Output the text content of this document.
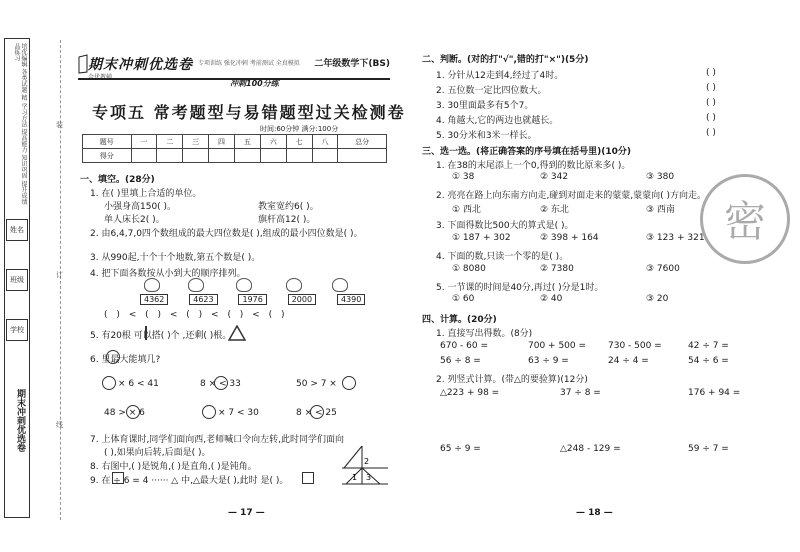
培优编辑 各类试题 精品练习
学习方法 提高能力 知识巩固 提升成绩
姓名
班级
学校
期末冲刺优选卷
装
订
线
期末冲刺优选卷
金优教辅
专项训练 强化冲刺 考前测试 全真模拟 二年级数学下(BS)
冲刺100分练
专项五 常考题型与易错题型过关检测卷
时间:60分钟 满分:100分
题号	一	二	三	四	五	六	七	八	总分
得分									
一、填空。(28分)
1. 在( )里填上合适的单位。
小强身高150( )。	教室宽约6( )。
单人床长2( )。	旗杆高12( )。
2. 由6,4,7,0四个数组成的最大四位数是( ),组成的最小四位数是( )。
3. 从990起,十个十个地数,第五个数是( )。
4. 把下面各数按从小到大的顺序排列。
4362	4623	1976	2000	4390
( ) < ( ) < ( ) < ( ) < ( )
5. 有20根 可以搭( )个 ,还剩( )根。
6. 里最大能填几?
× 6 < 41	8 × < 33	50 > 7 ×
48 > × 6	× 7 < 30	8 × < 25
7. 上体育课时,同学们面向西,老师喊口令向左转,此时同学们面向
( ),如果向后转,后面是( )。
8. 右图中,( )是锐角,( )是直角,( )是钝角。
9. 在 ÷ 6 = 4 ······ △ 中,△最大是( ),此时 是( )。
2
1 3
— 17 —
二、判断。(对的打"√",错的打"×")(5分)
1. 分针从12走到4,经过了4时。	( )
2. 五位数一定比四位数大。	( )
3. 30里面最多有5个7。	( )
4. 角越大,它的两边也就越长。	( )
5. 30分米和3米一样长。	( )
三、选一选。(将正确答案的序号填在括号里)(10分)
1. 在38的末尾添上一个0,得到的数比原来多( )。
① 38	② 342	③ 380
2. 亮亮在路上向东南方向走,碰到对面走来的蒙蒙,蒙蒙向( )方向走。
① 西北	② 东北	③ 西南
3. 下面得数比500大的算式是( )。
① 187 + 302	② 398 + 164	③ 123 + 321
4. 下面的数,只读一个零的是( )。
① 8080	② 7380	③ 7600
5. 一节课的时间是40分,再过( )分是1时。
① 60	② 40	③ 20
四、计算。(20分)
1. 直接写出得数。(8分)
670 - 60 =	700 + 500 = 730 - 500 =	42 ÷ 7 =
56 ÷ 8 =	63 ÷ 9 =	24 ÷ 4 =	54 ÷ 6 =
2. 列竖式计算。(带△的要验算)(12分)
△223 + 98 =	37 ÷ 8 =	176 + 94 =
65 ÷ 9 =	△248 - 129 =	59 ÷ 7 =
密
— 18 —
